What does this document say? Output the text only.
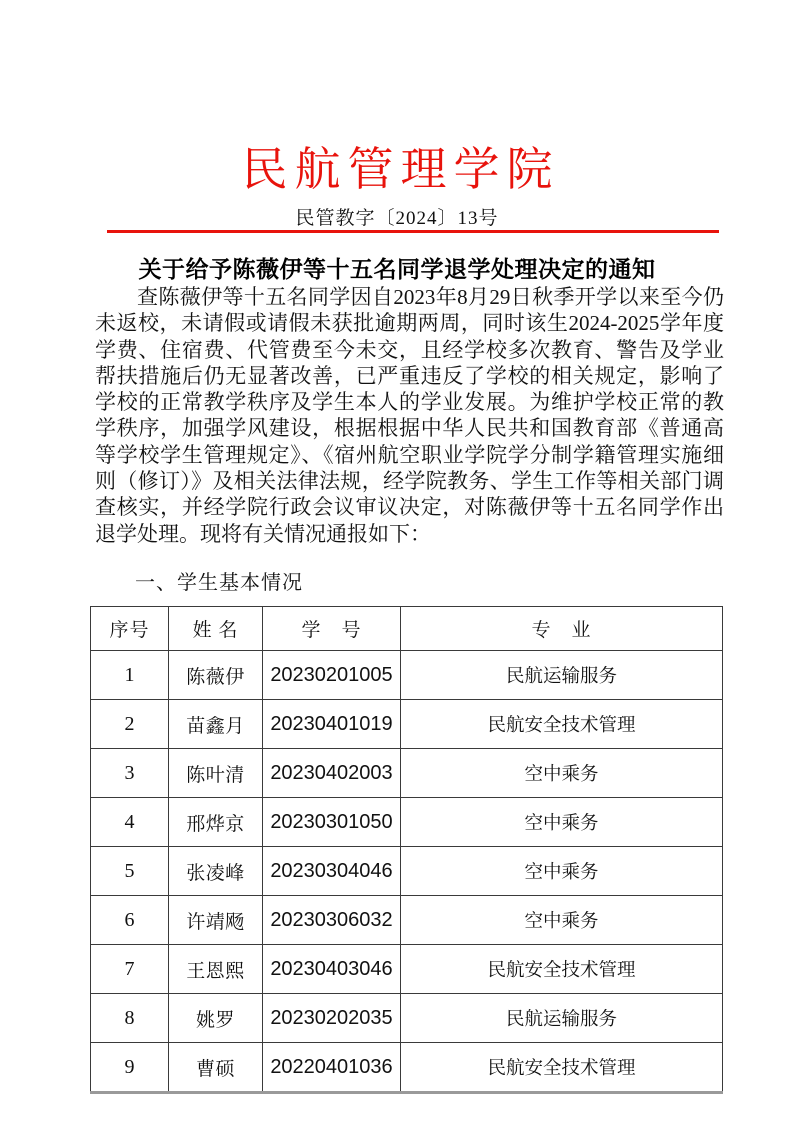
民航管理学院
民管教字〔2024〕13号
关于给予陈薇伊等十五名同学退学处理决定的通知

查陈薇伊等十五名同学因自2023年8月29日秋季开学以来至今仍未返校，未请假或请假未获批逾期两周，同时该生2024-2025学年度学费、住宿费、代管费至今未交，且经学校多次教育、警告及学业帮扶措施后仍无显著改善，已严重违反了学校的相关规定，影响了学校的正常教学秩序及学生本人的学业发展。为维护学校正常的教学秩序，加强学风建设，根据根据中华人民共和国教育部《普通高等学校学生管理规定》、《宿州航空职业学院学分制学籍管理实施细则（修订）》及相关法律法规，经学院教务、学生工作等相关部门调查核实，并经学院行政会议审议决定，对陈薇伊等十五名同学作出退学处理。现将有关情况通报如下：

一、学生基本情况
序号	姓 名	学　号	专　业
1	陈薇伊	20230201005	民航运输服务
2	苗鑫月	20230401019	民航安全技术管理
3	陈叶清	20230402003	空中乘务
4	邢烨京	20230301050	空中乘务
5	张凌峰	20230304046	空中乘务
6	许靖飏	20230306032	空中乘务
7	王恩熙	20230403046	民航安全技术管理
8	姚罗	20230202035	民航运输服务
9	曹硕	20220401036	民航安全技术管理
